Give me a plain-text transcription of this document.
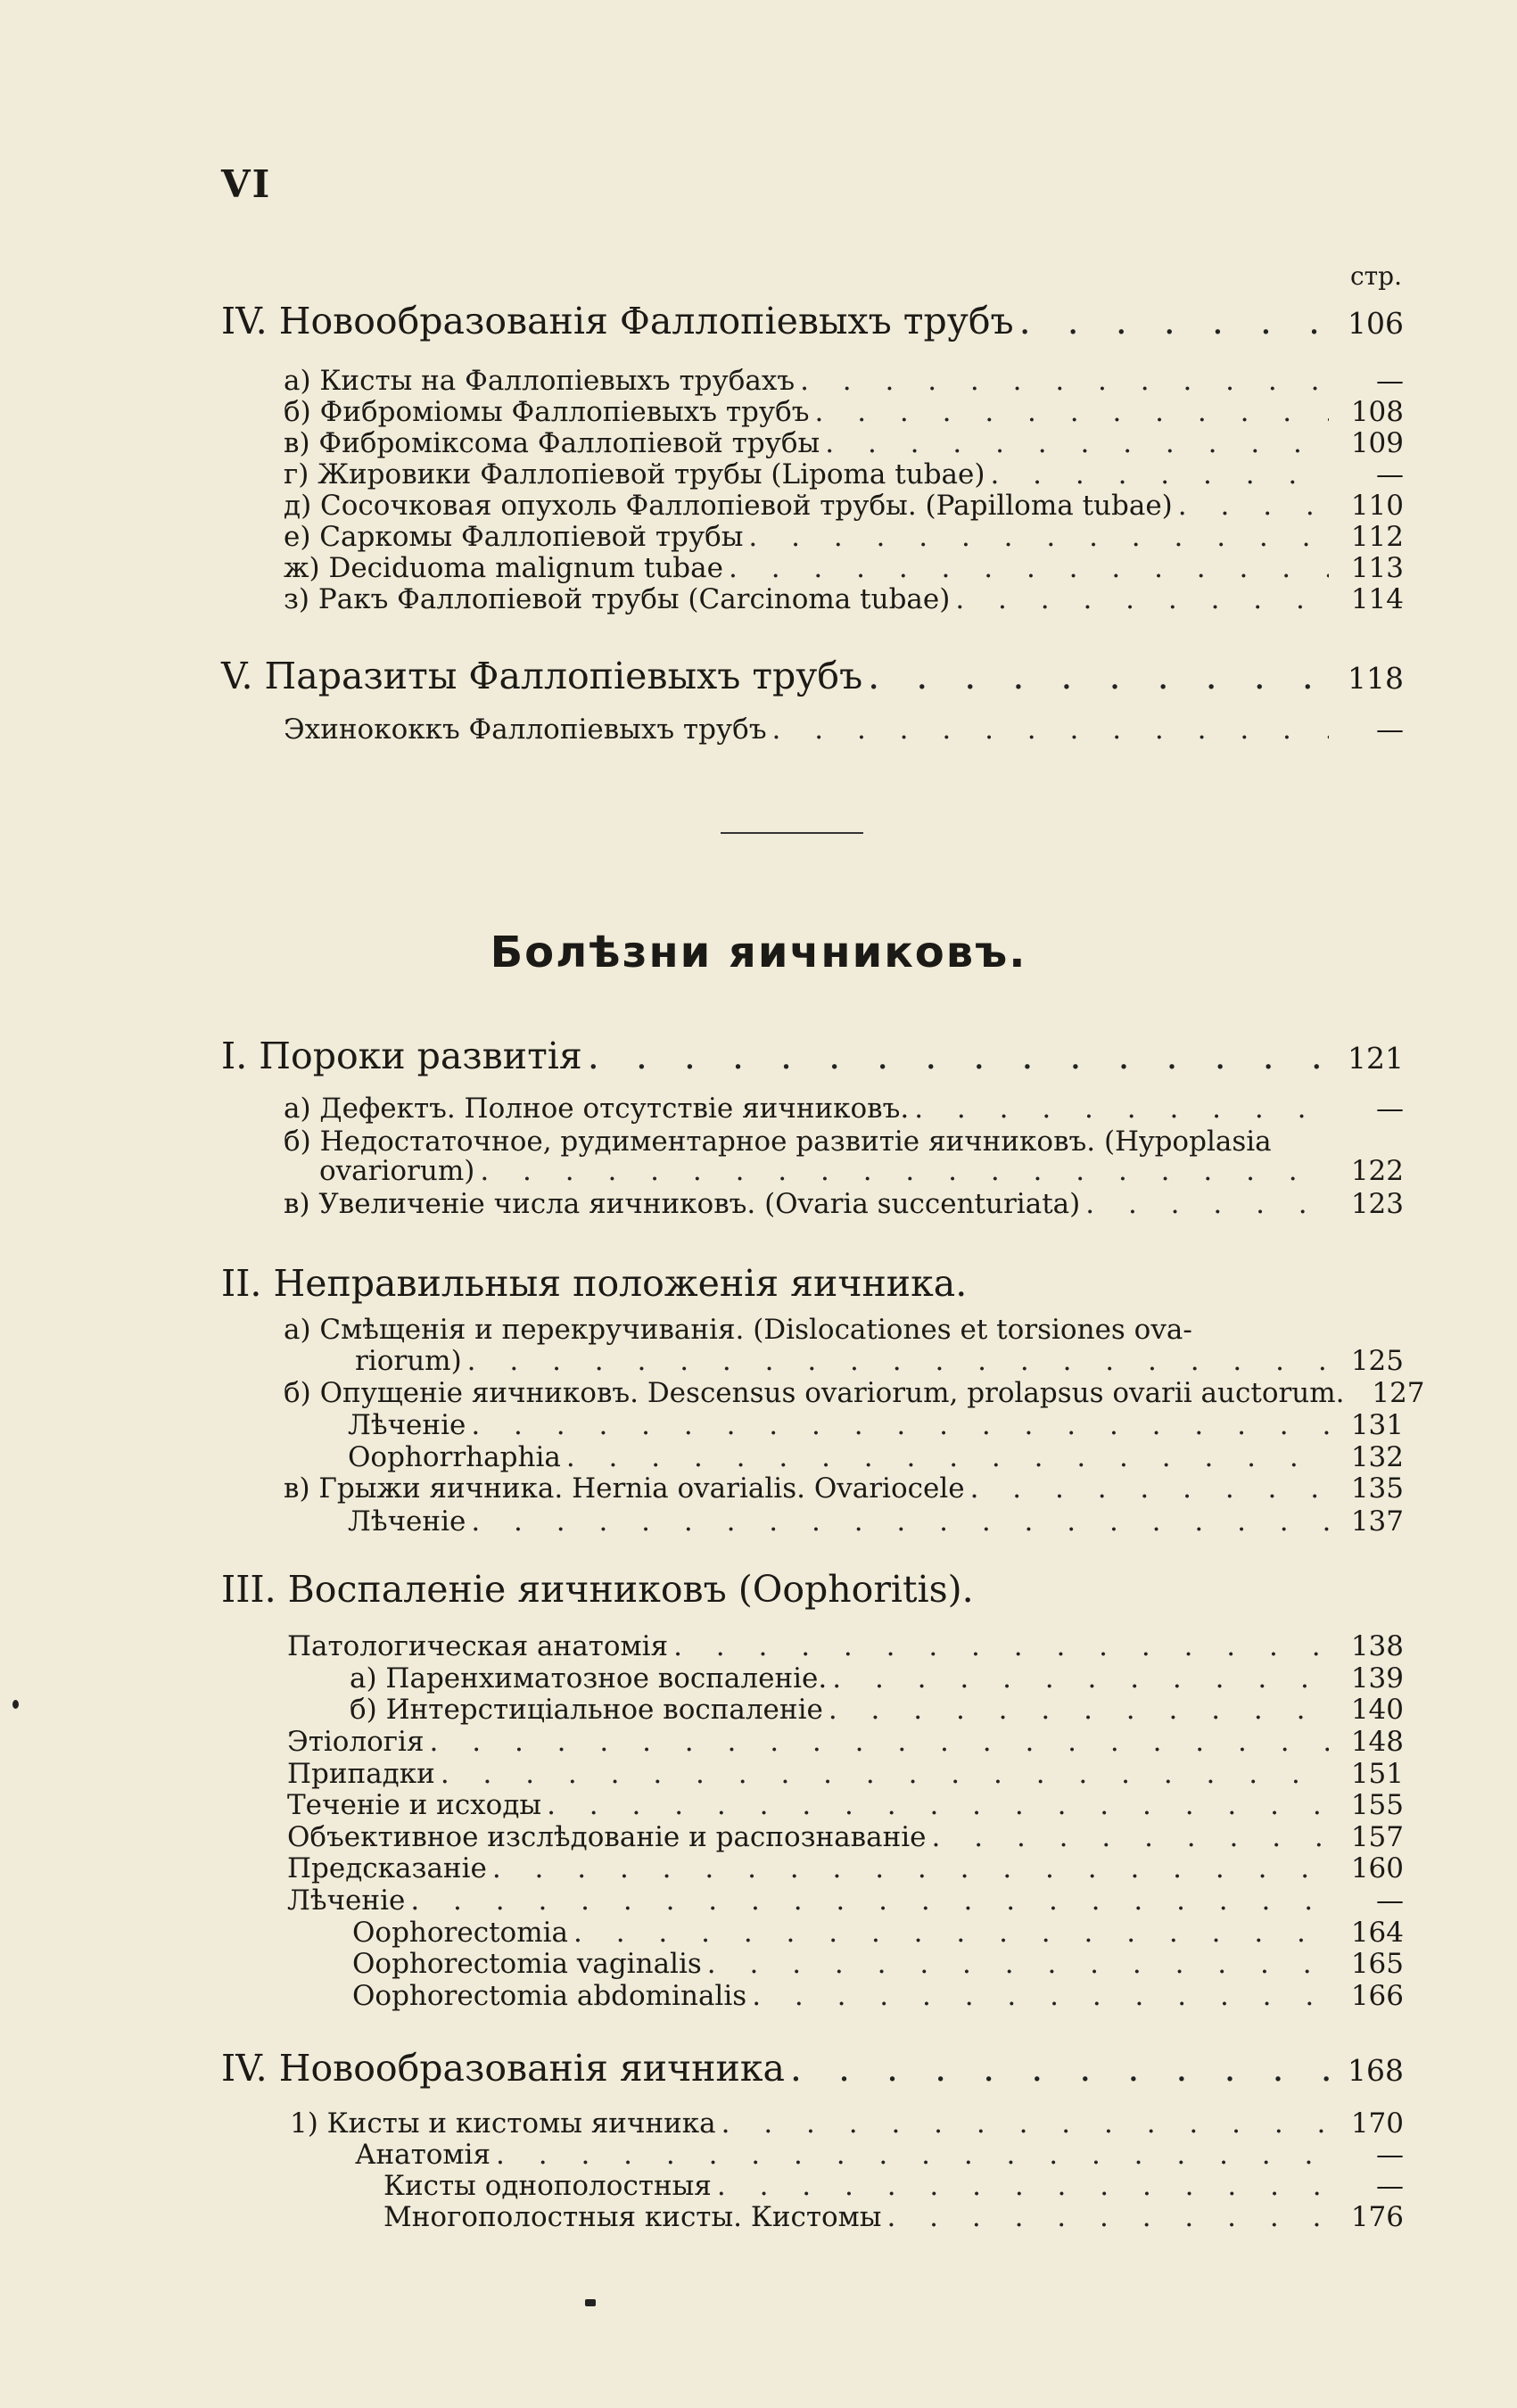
VI
стр.
IV. Новообразованія Фаллопіевыхъ трубъ . . .	106
а) Кисты на Фаллопіевыхъ трубахъ . . .	—
б) Фиброміомы Фаллопіевыхъ трубъ . . .	108
в) Фиброміксома Фаллопіевой трубы . . .	109
г) Жировики Фаллопіевой трубы (Lipoma tubae) . . .	—
д) Сосочковая опухоль Фаллопіевой трубы. (Papilloma tubae) . . .	110
е) Саркомы Фаллопіевой трубы . . .	112
ж) Deciduoma malignum tubae . . .	113
з) Ракъ Фаллопіевой трубы (Carcinoma tubae) . . .	114
V. Паразиты Фаллопіевыхъ трубъ . . .	118
Эхинококкъ Фаллопіевыхъ трубъ . . .	—
Болѣзни яичниковъ.
I. Пороки развитія . . .	121
а) Дефектъ. Полное отсутствіе яичниковъ. . . .	—
б) Недостаточное, рудиментарное развитіе яичниковъ. (Hypoplasia
ovariorum) . . .	122
в) Увеличеніе числа яичниковъ. (Ovaria succenturiata) . . .	123
II. Неправильныя положенія яичника.
а) Смѣщенія и перекручиванія. (Dislocationes et torsiones ova-
riorum) . . .	125
б) Опущеніе яичниковъ. Descensus ovariorum, prolapsus ovarii auctorum. 127
Лѣченіе . . .	131
Oophorrhaphia . . .	132
в) Грыжи яичника. Hernia ovarialis. Ovariocele . . .	135
Лѣченіе . . .	137
III. Воспаленіе яичниковъ (Oophoritis).
Патологическая анатомія . . .	138
а) Паренхиматозное воспаленіе. . . .	139
б) Интерстиціальное воспаленіе . . .	140
Этіологія . . .	148
Припадки . . .	151
Теченіе и исходы . . .	155
Объективное изслѣдованіе и распознаваніе . . .	157
Предсказаніе . . .	160
Лѣченіе . . .	—
Oophorectomia . . .	164
Oophorectomia vaginalis . . .	165
Oophorectomia abdominalis . . .	166
IV. Новообразованія яичника . . .	168
1) Кисты и кистомы яичника . . .	170
Анатомія . . .	—
Кисты однополостныя . . .	—
Многополостныя кисты. Кистомы . . .	176
